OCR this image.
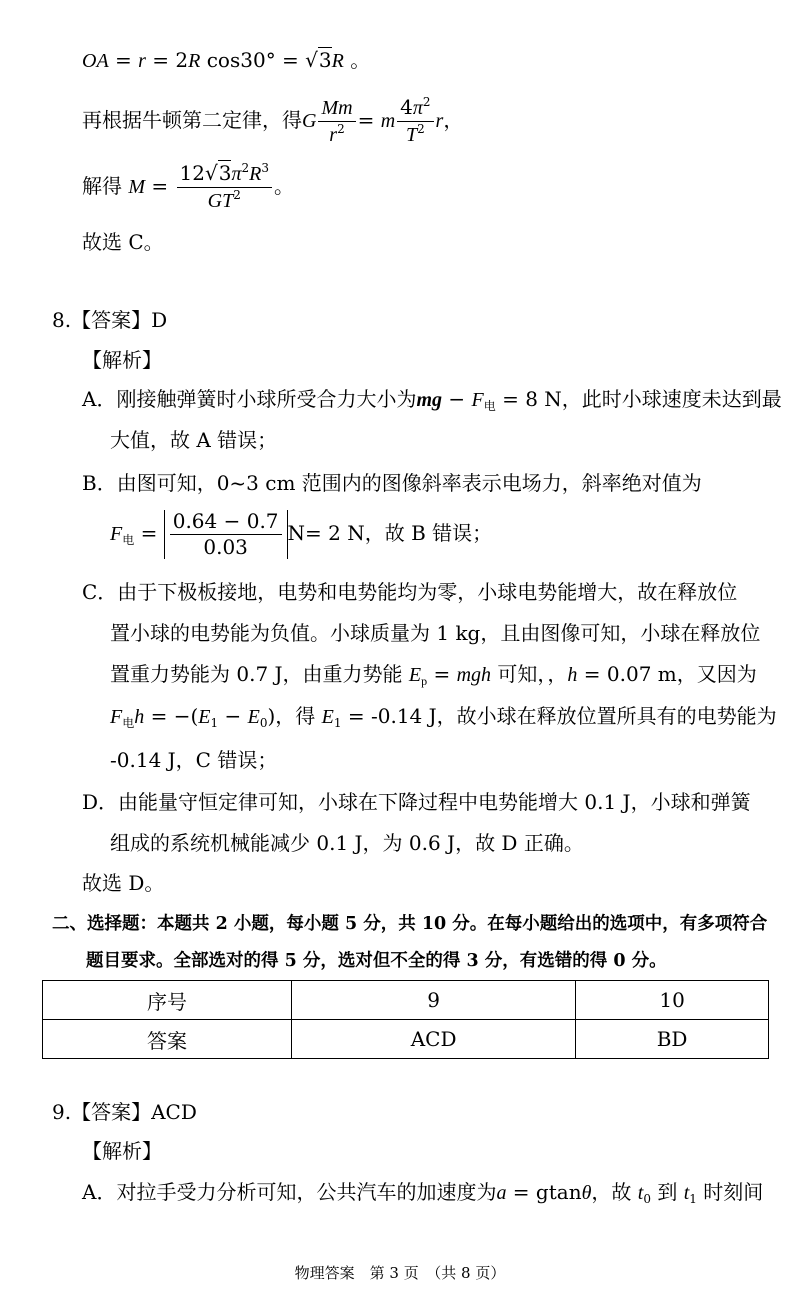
OA = r = 2R cos30° = √3R 。
再根据牛顿第二定律，得G $\frac{Mm}{r^2} = m \frac{4\pi^2}{T^2}$ r，
解得 $M = \frac{12√3\pi^2R^3}{GT^2}$ 。
故选 C。
8.【答案】D
【解析】
A．刚接触弹簧时小球所受合力大小为mg − $F_电 = 8$ N，此时小球速度未达到最
大值，故 A 错误；
B．由图可知，0~3 cm 范围内的图像斜率表示电场力，斜率绝对值为
$F_电 = \frac{0.64 - 0.7}{0.03} N= 2$ N，故 B 错误；
C．由于下极板接地，电势和电势能均为零，小球电势能增大，故在释放位
置小球的电势能为负值。小球质量为 1 kg，且由图像可知，小球在释放位
置重力势能为 0.7 J，由重力势能 $E_p$ = mgh 可知，，h = 0.07 m，又因为
$F_电h = -(E_1 - E_0)$，得 $E_1 = -0.14$ J，故小球在释放位置所具有的电势能为
-0.14 J，C 错误；
D．由能量守恒定律可知，小球在下降过程中电势能增大 0.1 J，小球和弹簧
组成的系统机械能减少 0.1 J，为 0.6 J，故 D 正确。
故选 D。
二、选择题：本题共 2 小题，每小题 5 分，共 10 分。在每小题给出的选项中，有多项符合
题目要求。全部选对的得 5 分，选对但不全的得 3 分，有选错的得 0 分。
序号	9	10
答案	ACD	BD
9.【答案】ACD
【解析】
A．对拉手受力分析可知，公共汽车的加速度为a = gtanθ，故 $t_0$ 到 $t_1$ 时刻间
物理答案　第 3 页　（共 8 页）
